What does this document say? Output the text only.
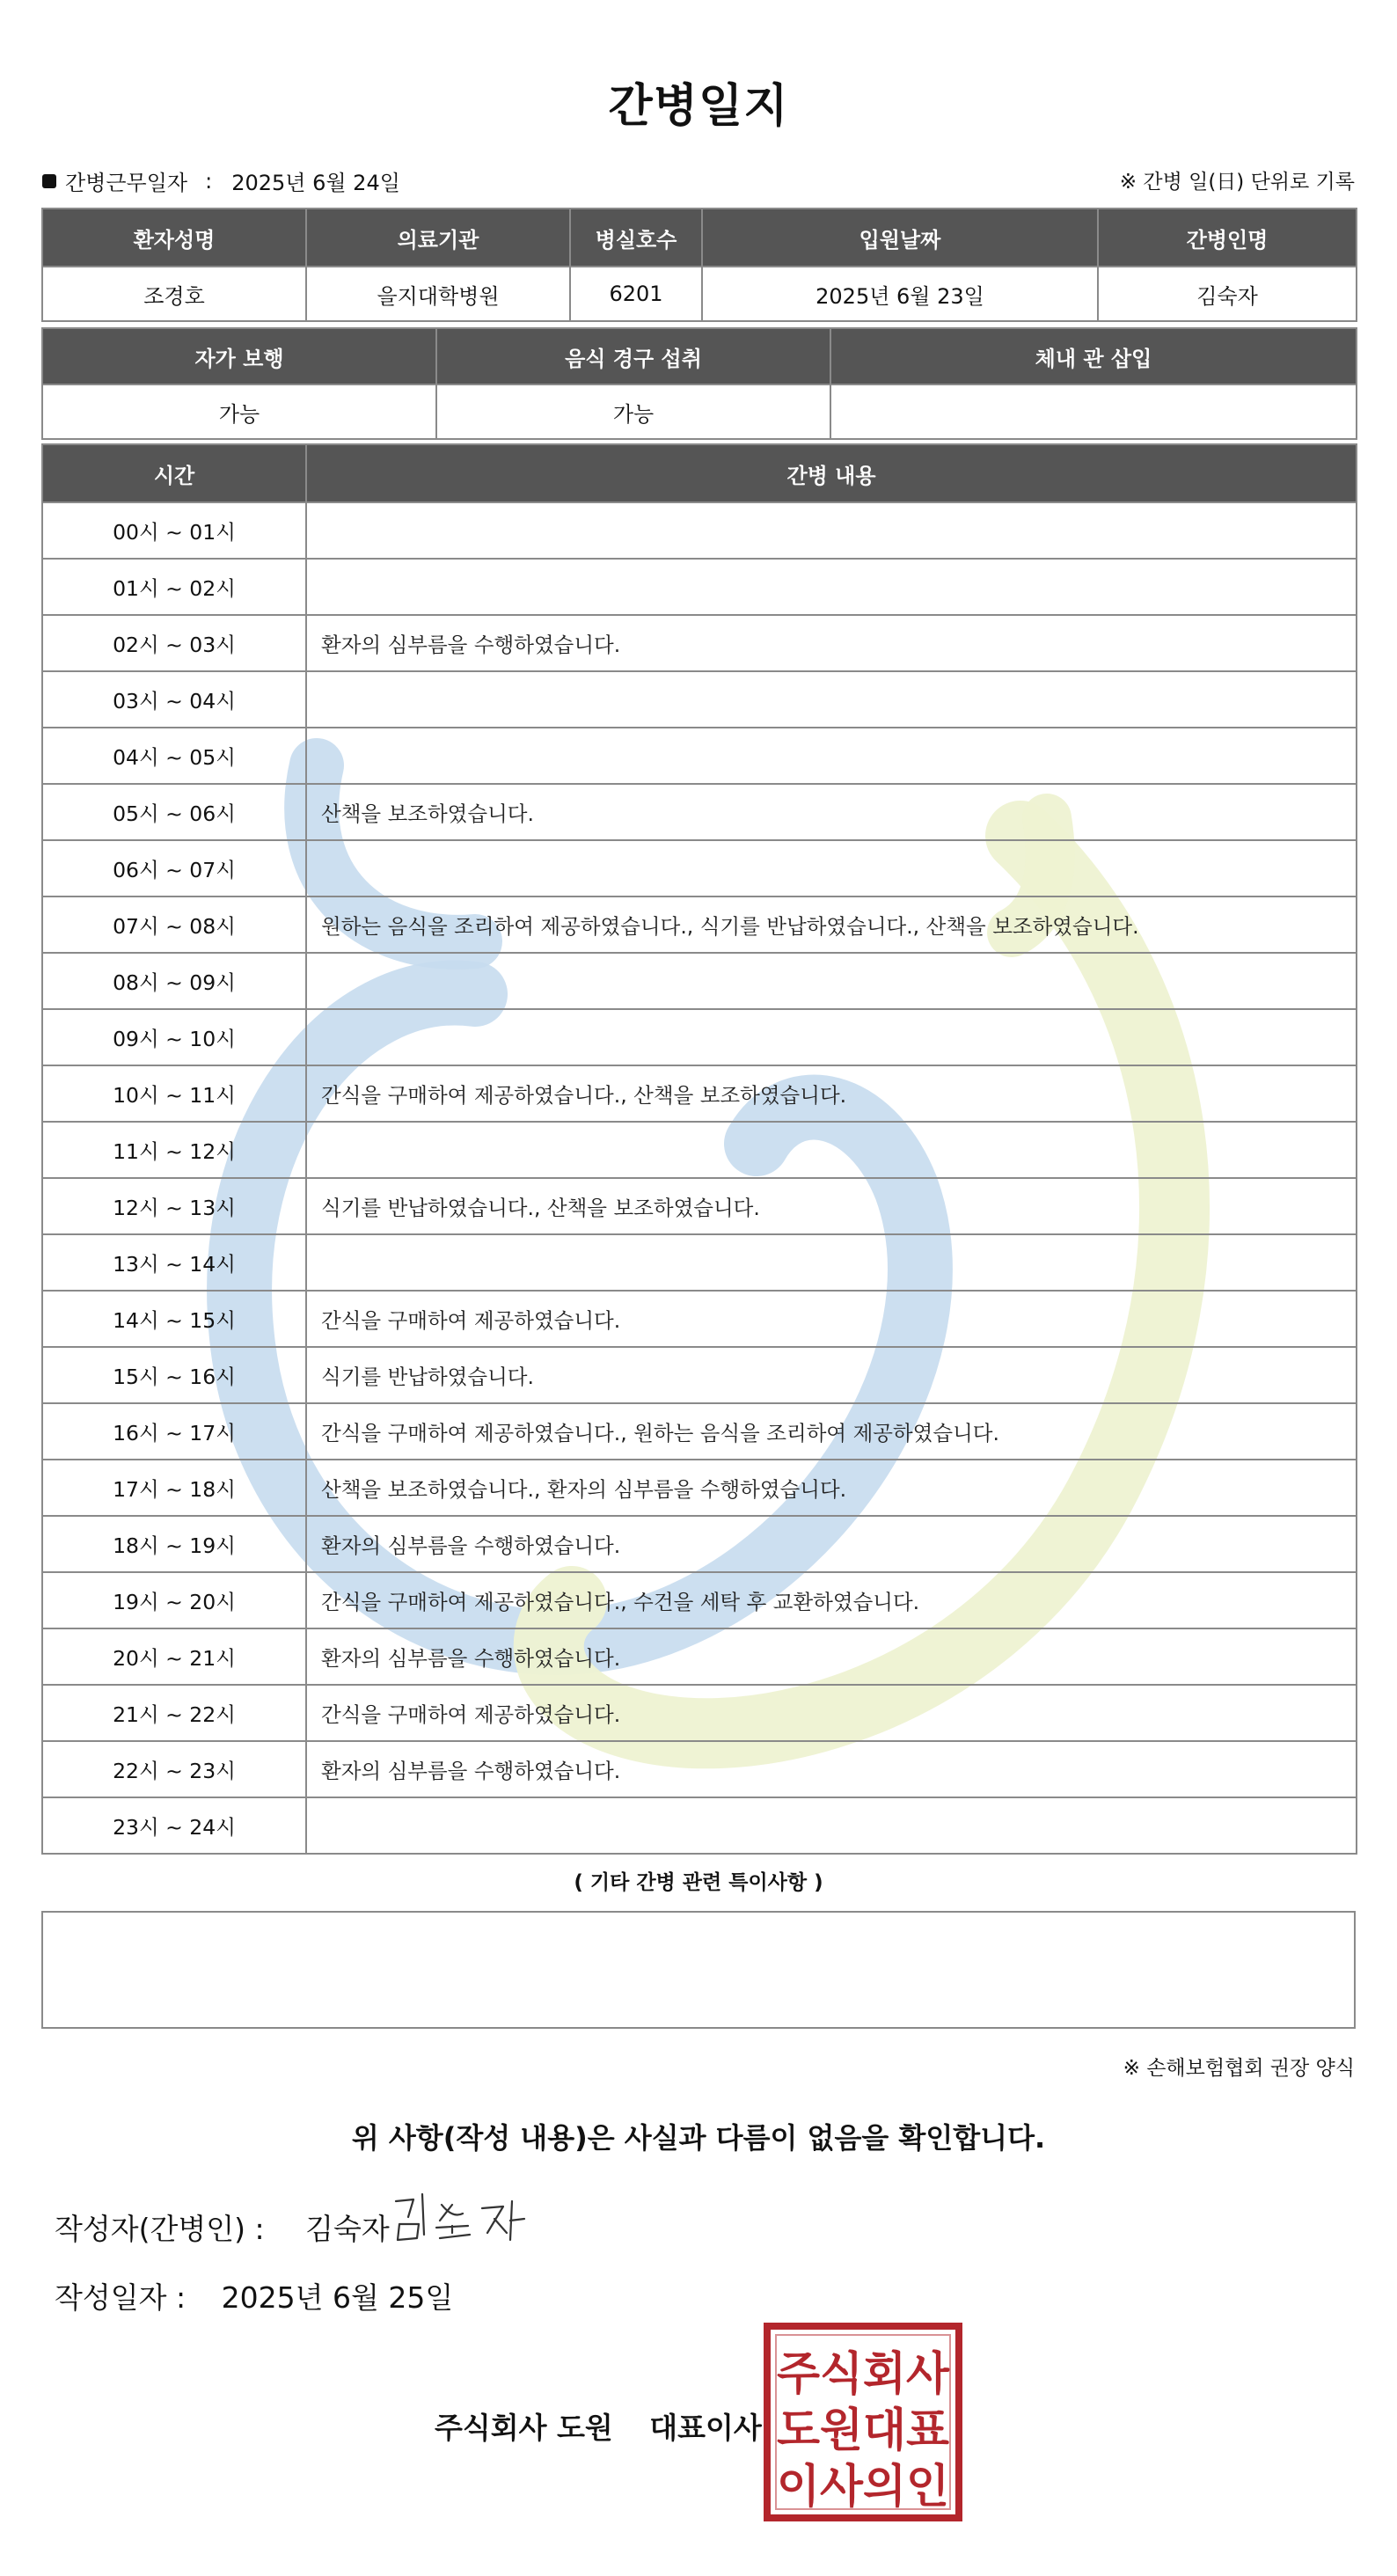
간병일지
간병근무일자 : 2025년 6월 24일	※ 간병 일(日) 단위로 기록
환자성명	의료기관	병실호수	입원날짜	간병인명
조경호	을지대학병원	6201	2025년 6월 23일	김숙자
자가 보행	음식 경구 섭취	체내 관 삽입
가능	가능	
시간	간병 내용
00시 ~ 01시	
01시 ~ 02시	
02시 ~ 03시	환자의 심부름을 수행하였습니다.
03시 ~ 04시	
04시 ~ 05시	
05시 ~ 06시	산책을 보조하였습니다.
06시 ~ 07시	
07시 ~ 08시	원하는 음식을 조리하여 제공하였습니다., 식기를 반납하였습니다., 산책을 보조하였습니다.
08시 ~ 09시	
09시 ~ 10시	
10시 ~ 11시	간식을 구매하여 제공하였습니다., 산책을 보조하였습니다.
11시 ~ 12시	
12시 ~ 13시	식기를 반납하였습니다., 산책을 보조하였습니다.
13시 ~ 14시	
14시 ~ 15시	간식을 구매하여 제공하였습니다.
15시 ~ 16시	식기를 반납하였습니다.
16시 ~ 17시	간식을 구매하여 제공하였습니다., 원하는 음식을 조리하여 제공하였습니다.
17시 ~ 18시	산책을 보조하였습니다., 환자의 심부름을 수행하였습니다.
18시 ~ 19시	환자의 심부름을 수행하였습니다.
19시 ~ 20시	간식을 구매하여 제공하였습니다., 수건을 세탁 후 교환하였습니다.
20시 ~ 21시	환자의 심부름을 수행하였습니다.
21시 ~ 22시	간식을 구매하여 제공하였습니다.
22시 ~ 23시	환자의 심부름을 수행하였습니다.
23시 ~ 24시	
( 기타 간병 관련 특이사항 )
※ 손해보험협회 권장 양식
위 사항(작성 내용)은 사실과 다름이 없음을 확인합니다.
작성자(간병인) : 김숙자
작성일자 : 2025년 6월 25일
주식회사 도원 대표이사
주식회사
도원대표
이사의인
